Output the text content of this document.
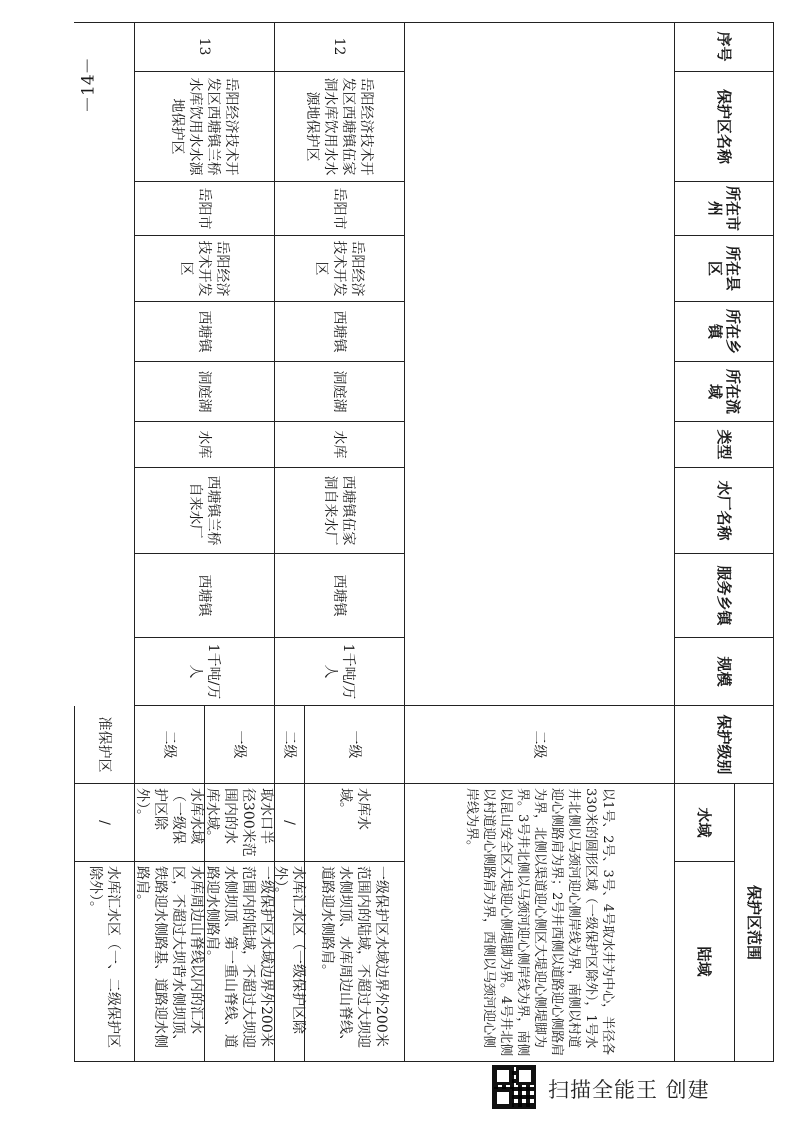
－14－
序号
保护区名称
所在市州
所在县区
所在乡镇
所在流域
类型
水厂名称
服务乡镇
规模
保护级别
保护区范围
水域
陆域
二级
以1号、2号、3号、4号取水井为中心，半径各330米的圆形区域（一级保护区除外），1号水井北侧以马颈河迎心侧岸线为界，南侧以村道迎心侧路肩为界；2号井西侧以道路迎心侧路肩为界，北侧以渠道迎心侧区大堤迎心侧堤脚为界。3号井北侧以马颈河迎心侧岸线为界，南侧以昆山安全区大堤迎心侧堤脚为界。4号井北侧以村道迎心侧路肩为界，西侧以马颈河迎心侧岸线为界。
12
岳阳经济技术开发区西塘镇伍家洞水库饮用水水源地保护区
岳阳市
岳阳经济技术开发区
西塘镇
洞庭湖
水库
西塘镇伍家洞自来水厂
西塘镇
1千吨/万人
一级
水库水域。
一级保护区水域边界外200米范围内的陆域，不超过大坝迎水侧坝顶、水库周边山脊线、道路迎水侧路肩。
二级
/
水库汇水区（一级保护区除外）。
13
岳阳经济技术开发区西塘镇兰桥水库饮用水水源地保护区
岳阳市
岳阳经济技术开发区
西塘镇
洞庭湖
水库
西塘镇兰桥自来水厂
西塘镇
1千吨/万人
一级
取水口半径300米范围内的水库水域。
一级保护区水域边界外200米范围内的陆域，不超过大坝迎水侧坝顶、第一重山脊线、道路迎水侧路肩。
二级
水库水域（一级保护区除外）。
水库周边山脊线以内的汇水区，不超过大坝背水侧坝顶、铁路迎水侧路基、道路迎水侧路肩。
准保护区
/
水库汇水区（一、二级保护区除外）。
扫描全能王 创建
